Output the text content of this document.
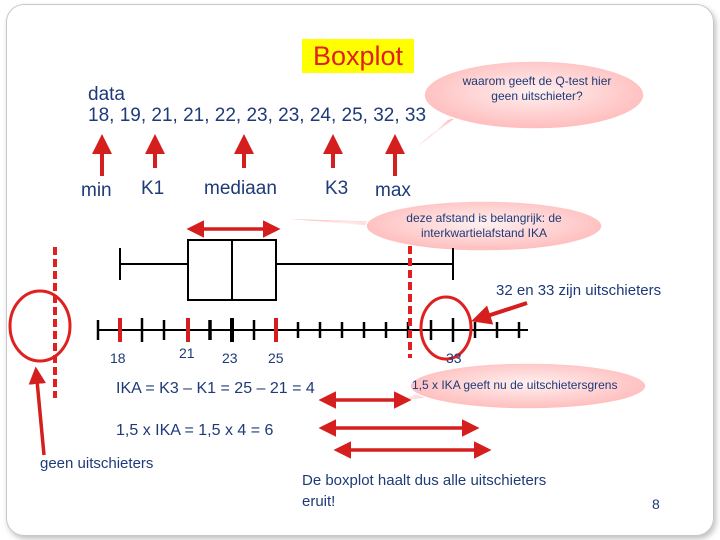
Boxplot
data
18, 19, 21, 21, 22, 23, 23, 24, 25, 32, 33
min K1 mediaan	K3 max
waarom geeft de Q-test hier geen uitschieter?
deze afstand is belangrijk: de interkwartielafstand IKA
32 en 33 zijn uitschieters
1,5 x IKA geeft nu de uitschietersgrens
18	21 23 25	33
IKA = K3 – K1 = 25 – 21 = 4
1,5 x IKA = 1,5 x 4 = 6
geen uitschieters
De boxplot haalt dus alle uitschieters
eruit!	8
